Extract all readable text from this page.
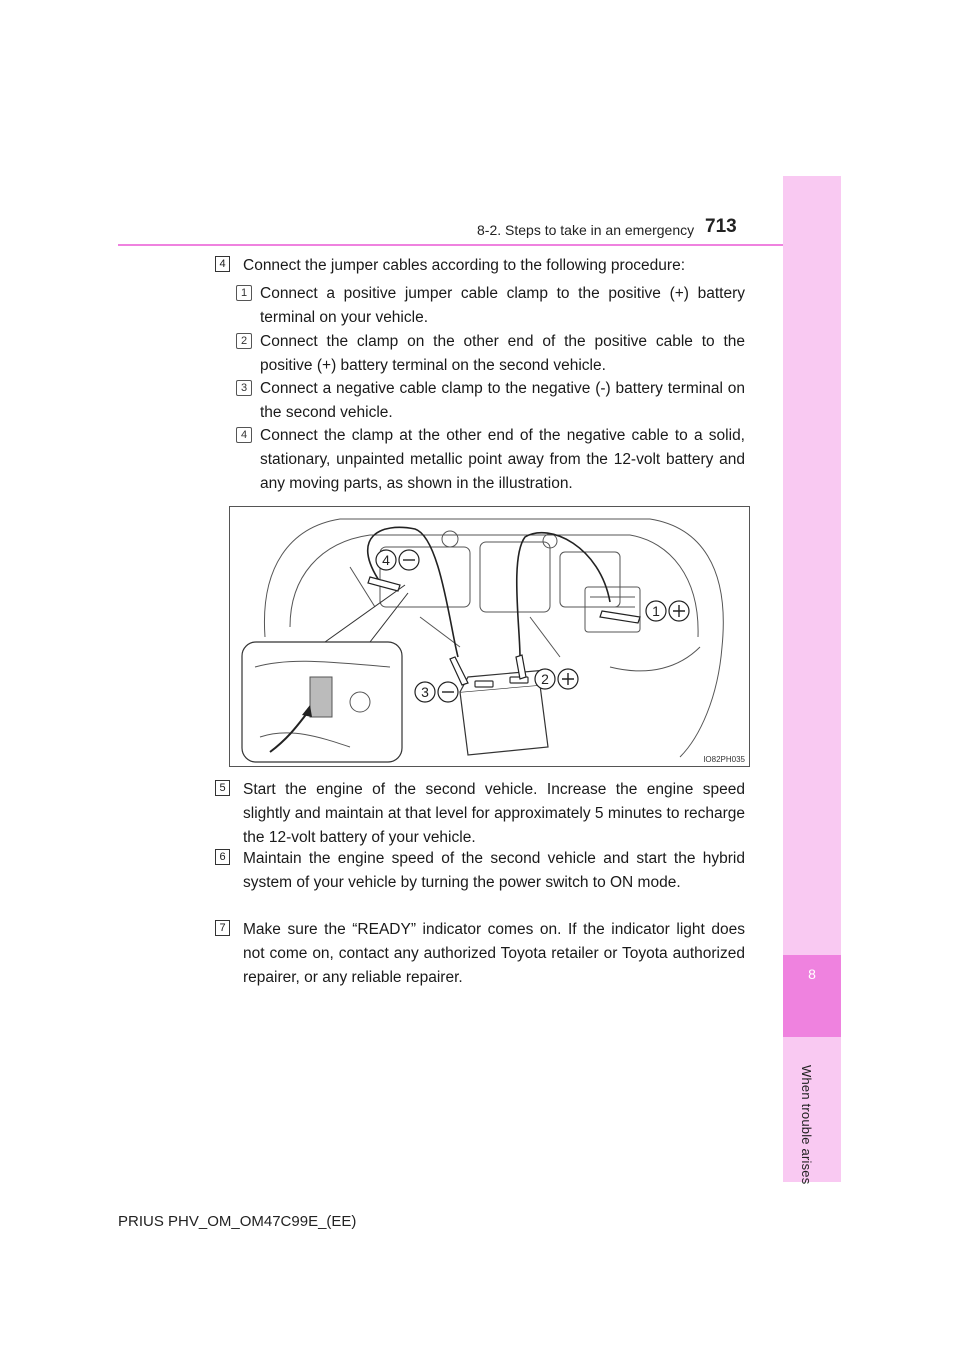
8
When trouble arises
8-2. Steps to take in an emergency 713
4 Connect the jumper cables according to the following procedure:
1 Connect a positive jumper cable clamp to the positive (+) battery terminal on your vehicle.
2 Connect the clamp on the other end of the positive cable to the positive (+) battery terminal on the second vehicle.
3 Connect a negative cable clamp to the negative (-) battery terminal on the second vehicle.
4 Connect the clamp at the other end of the negative cable to a solid, stationary, unpainted metallic point away from the 12-volt battery and any moving parts, as shown in the illustration.
4
1
2
3
IO82PH035
5 Start the engine of the second vehicle. Increase the engine speed slightly and maintain at that level for approximately 5 minutes to recharge the 12-volt battery of your vehicle.
6 Maintain the engine speed of the second vehicle and start the hybrid system of your vehicle by turning the power switch to ON mode.
7 Make sure the “READY” indicator comes on. If the indicator light does not come on, contact any authorized Toyota retailer or Toyota authorized repairer, or any reliable repairer.
PRIUS PHV_OM_OM47C99E_(EE)
